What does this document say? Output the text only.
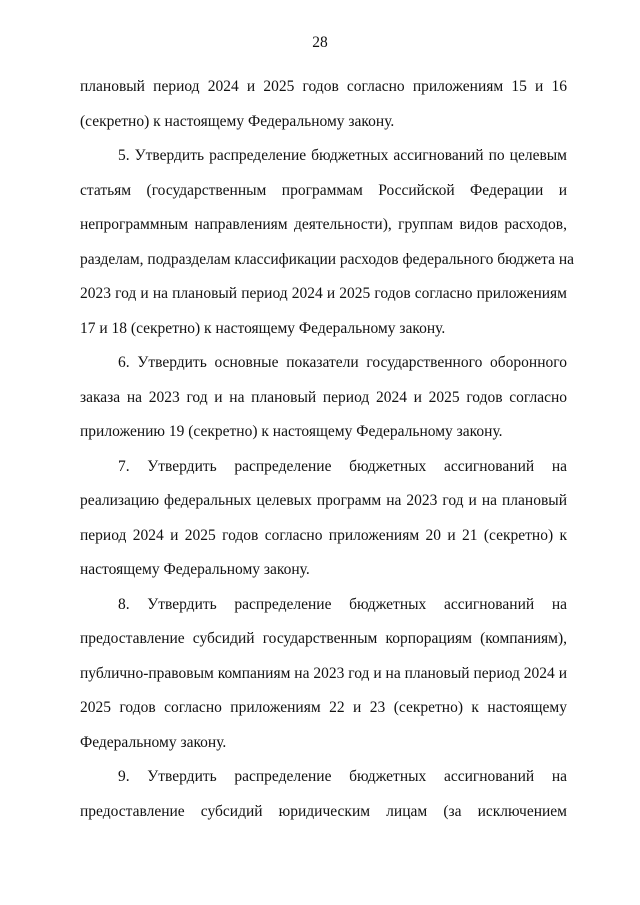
28
плановый период 2024 и 2025 годов согласно приложениям 15 и 16
(секретно) к настоящему Федеральному закону.
5. Утвердить распределение бюджетных ассигнований по целевым
статьям (государственным программам Российской Федерации и
непрограммным направлениям деятельности), группам видов расходов,
разделам, подразделам классификации расходов федерального бюджета на
2023 год и на плановый период 2024 и 2025 годов согласно приложениям
17 и 18 (секретно) к настоящему Федеральному закону.
6. Утвердить основные показатели государственного оборонного
заказа на 2023 год и на плановый период 2024 и 2025 годов согласно
приложению 19 (секретно) к настоящему Федеральному закону.
7. Утвердить распределение бюджетных ассигнований на
реализацию федеральных целевых программ на 2023 год и на плановый
период 2024 и 2025 годов согласно приложениям 20 и 21 (секретно) к
настоящему Федеральному закону.
8. Утвердить распределение бюджетных ассигнований на
предоставление субсидий государственным корпорациям (компаниям),
публично-правовым компаниям на 2023 год и на плановый период 2024 и
2025 годов согласно приложениям 22 и 23 (секретно) к настоящему
Федеральному закону.
9. Утвердить распределение бюджетных ассигнований на
предоставление субсидий юридическим лицам (за исключением
